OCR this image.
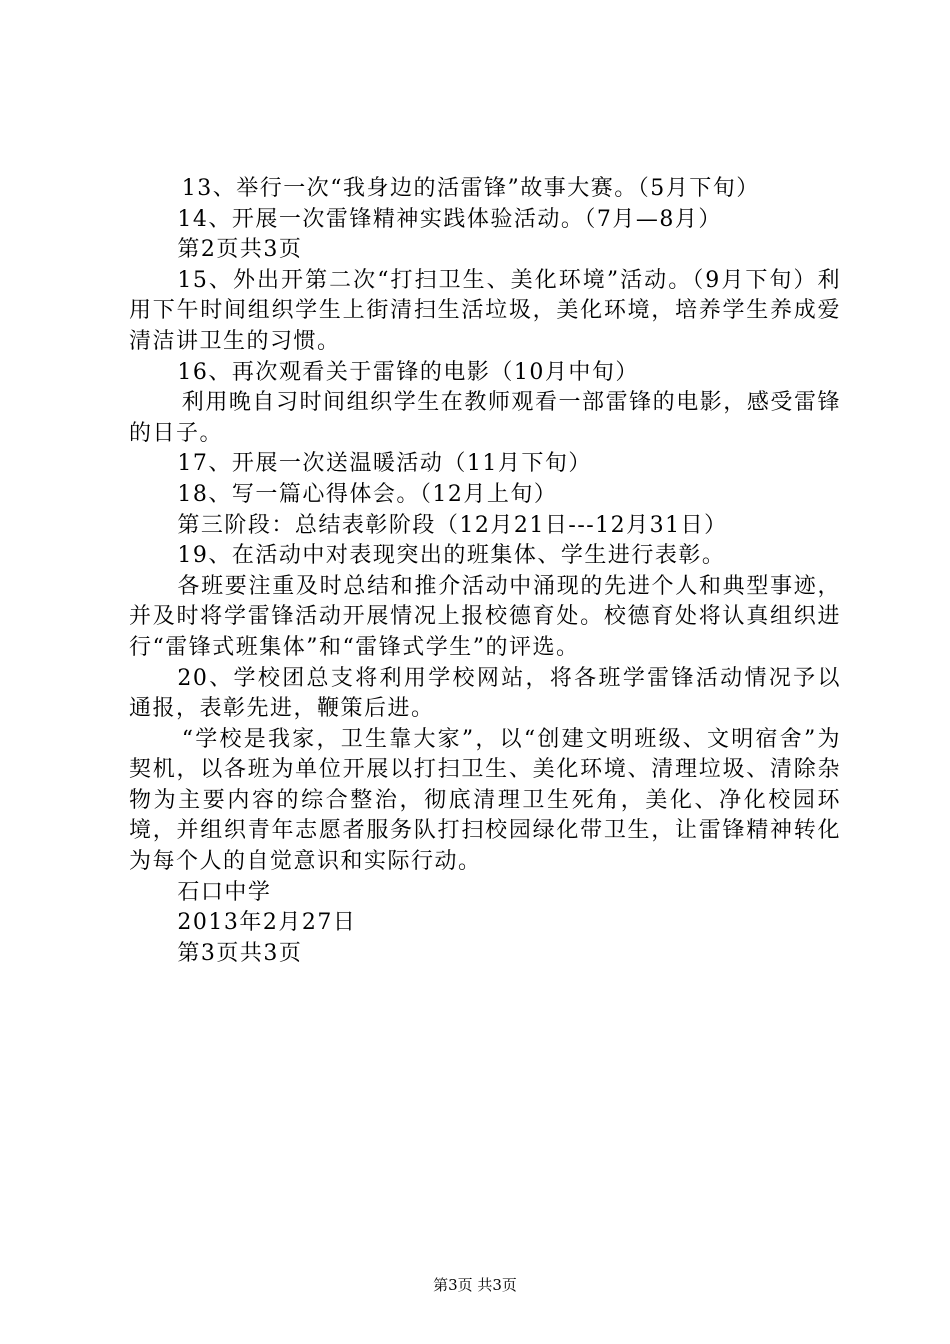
13、举行一次“我身边的活雷锋”故事大赛。（5月下旬）

14、开展一次雷锋精神实践体验活动。（7月—8月）

第2页共3页

15、外出开第二次“打扫卫生、美化环境”活动。（9月下旬）利用下午时间组织学生上街清扫生活垃圾，美化环境，培养学生养成爱清洁讲卫生的习惯。

16、再次观看关于雷锋的电影（10月中旬）

利用晚自习时间组织学生在教师观看一部雷锋的电影，感受雷锋的日子。

17、开展一次送温暖活动（11月下旬）

18、写一篇心得体会。（12月上旬）

第三阶段：总结表彰阶段（12月21日---12月31日）

19、在活动中对表现突出的班集体、学生进行表彰。

各班要注重及时总结和推介活动中涌现的先进个人和典型事迹，并及时将学雷锋活动开展情况上报校德育处。校德育处将认真组织进行“雷锋式班集体”和“雷锋式学生”的评选。

20、学校团总支将利用学校网站，将各班学雷锋活动情况予以通报，表彰先进，鞭策后进。

“学校是我家，卫生靠大家”，以“创建文明班级、文明宿舍”为契机，以各班为单位开展以打扫卫生、美化环境、清理垃圾、清除杂物为主要内容的综合整治，彻底清理卫生死角，美化、净化校园环境，并组织青年志愿者服务队打扫校园绿化带卫生，让雷锋精神转化为每个人的自觉意识和实际行动。

石口中学

2013年2月27日

第3页共3页

第3页 共3页
